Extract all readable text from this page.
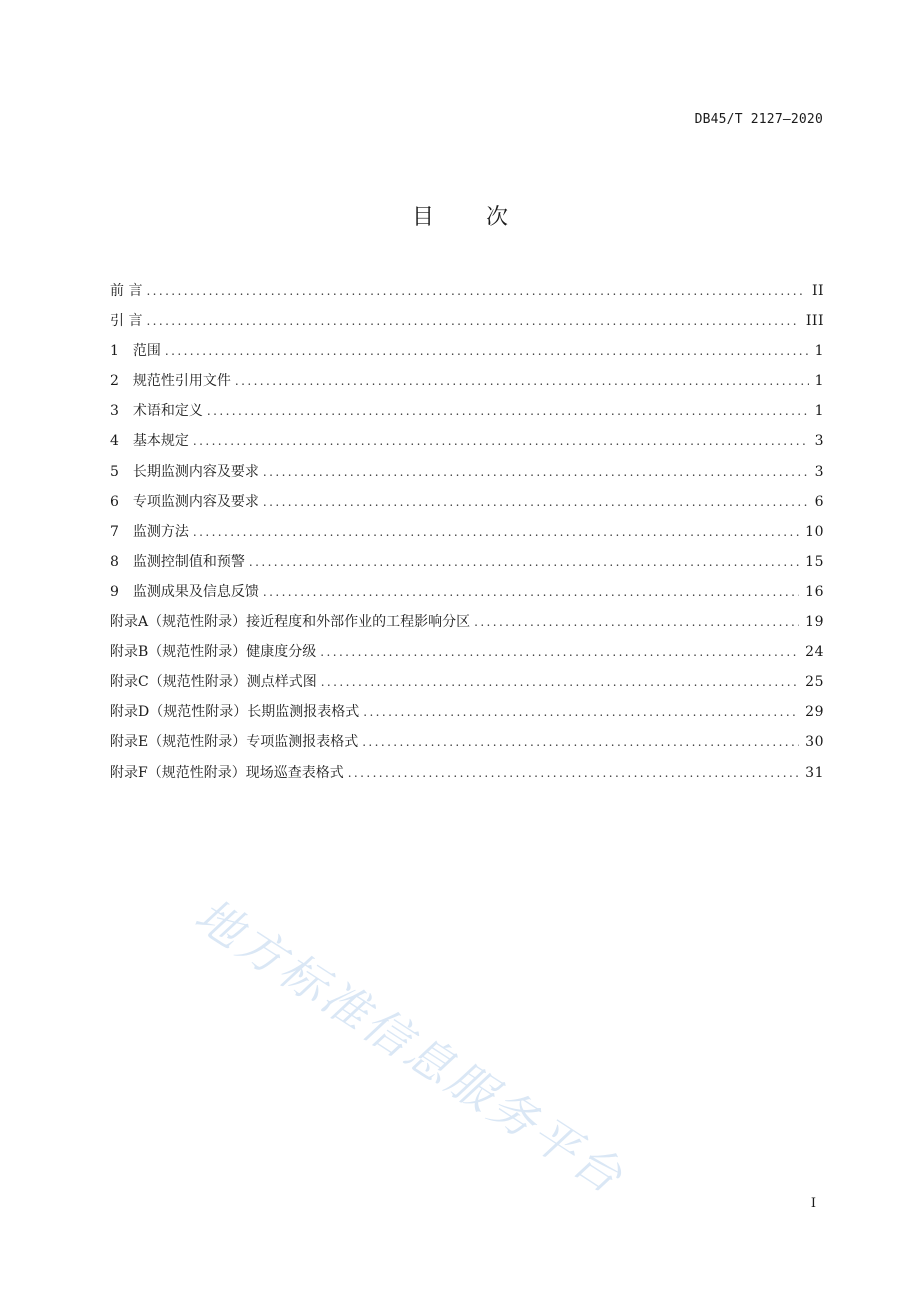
DB45/T 2127—2020
目 次
前 言 .....	II
引 言 .....	III
1　范围 .....	1
2　规范性引用文件 .....	1
3　术语和定义 .....	1
4　基本规定 .....	3
5　长期监测内容及要求 .....	3
6　专项监测内容及要求 .....	6
7　监测方法 .....	10
8　监测控制值和预警 .....	15
9　监测成果及信息反馈 .....	16
附录A（规范性附录）接近程度和外部作业的工程影响分区 .....	19
附录B（规范性附录）健康度分级 .....	24
附录C（规范性附录）测点样式图 .....	25
附录D（规范性附录）长期监测报表格式 .....	29
附录E（规范性附录）专项监测报表格式 .....	30
附录F（规范性附录）现场巡查表格式 .....	31
地方标准信息服务平台	I
